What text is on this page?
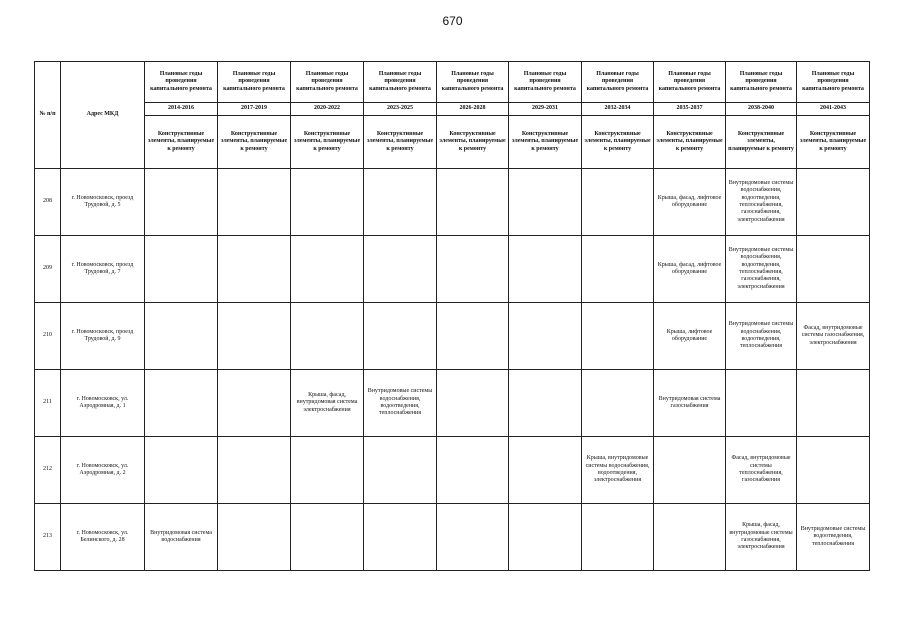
670
№ п/п	Адрес МКД	Плановые годы проведения капитального ремонта	Плановые годы проведения капитального ремонта	Плановые годы проведения капитального ремонта	Плановые годы проведения капитального ремонта	Плановые годы проведения капитального ремонта	Плановые годы проведения капитального ремонта	Плановые годы проведения капитального ремонта	Плановые годы проведения капитального ремонта	Плановые годы проведения капитального ремонта	Плановые годы проведения капитального ремонта
		2014-2016	2017-2019	2020-2022	2023-2025	2026-2028	2029-2031	2032-2034	2035-2037	2038-2040	2041-2043
		Конструктивные элементы, планируемые к ремонту	Конструктивные элементы, планируемые к ремонту	Конструктивные элементы, планируемые к ремонту	Конструктивные элементы, планируемые к ремонту	Конструктивные элементы, планируемые к ремонту	Конструктивные элементы, планируемые к ремонту	Конструктивные элементы, планируемые к ремонту	Конструктивные элементы, планируемые к ремонту	Конструктивные элементы, планируемые к ремонту	Конструктивные элементы, планируемые к ремонту
208	г. Новомосковск, проезд Трудовой, д. 5								Крыша, фасад, лифтовое оборудование	Внутридомовые системы водоснабжения, водоотведения, теплоснабжения, газоснабжения, электроснабжения	
209	г. Новомосковск, проезд Трудовой, д. 7								Крыша, фасад, лифтовое оборудование	Внутридомовые системы водоснабжения, водоотведения, теплоснабжения, газоснабжения, электроснабжения	
210	г. Новомосковск, проезд Трудовой, д. 9								Крыша, лифтовое оборудование	Внутридомовые системы водоснабжения, водоотведения, теплоснабжения	Фасад, внутридомовые системы газоснабжения, электроснабжения
211	г. Новомосковск, ул. Аэродромная, д. 1			Крыша, фасад, внутридомовая система электроснабжения	Внутридомовые системы водоснабжения, водоотведения, теплоснабжения				Внутридомовая система газоснабжения		
212	г. Новомосковск, ул. Аэродромная, д. 2							Крыша, внутридомовые системы водоснабжения, водоотведения, электроснабжения		Фасад, внутридомовые системы теплоснабжения, газоснабжения	
213	г. Новомосковск, ул. Белинского, д. 28	Внутридомовая система водоснабжения								Крыша, фасад, внутридомовые системы газоснабжения, электроснабжения	Внутридомовые системы водоотведения, теплоснабжения
